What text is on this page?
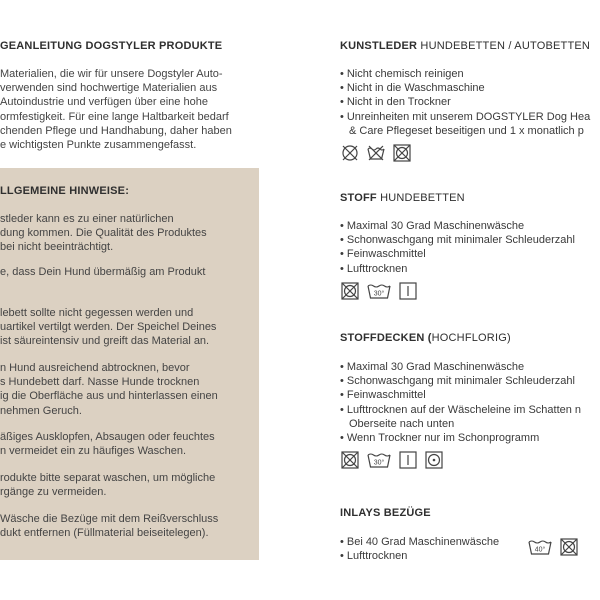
GEANLEITUNG DOGSTYLER PRODUKTE
Materialien, die wir für unsere Dogstyler Auto-
verwenden sind hochwertige Materialien aus
Autoindustrie und verfügen über eine hohe
ormfestigkeit. Für eine lange Haltbarkeit bedarf
chenden Pflege und Handhabung, daher haben
e wichtigsten Punkte zusammengefasst.
LLGEMEINE HINWEISE:
stleder kann es zu einer natürlichen
dung kommen. Die Qualität des Produktes
bei nicht beeinträchtigt.
e, dass Dein Hund übermäßig am Produkt
lebett sollte nicht gegessen werden und
uartikel vertilgt werden. Der Speichel Deines
ist säureintensiv und greift das Material an.
n Hund ausreichend abtrocknen, bevor
s Hundebett darf. Nasse Hunde trocknen
ig die Oberfläche aus und hinterlassen einen
nehmen Geruch.
äßiges Ausklopfen, Absaugen oder feuchtes
n vermeidet ein zu häufiges Waschen.
rodukte bitte separat waschen, um mögliche
rgänge zu vermeiden.
Wäsche die Bezüge mit dem Reißverschluss
dukt entfernen (Füllmaterial beiseitelegen).
KUNSTLEDER HUNDEBETTEN / AUTOBETTEN
• Nicht chemisch reinigen
• Nicht in die Waschmaschine
• Nicht in den Trockner
• Unreinheiten mit unserem DOGSTYLER Dog Hea
& Care Pflegeset beseitigen und 1 x monatlich p
STOFF HUNDEBETTEN
• Maximal 30 Grad Maschinenwäsche
• Schonwaschgang mit minimaler Schleuderzahl
• Feinwaschmittel
• Lufttrocknen
30°
STOFFDECKEN (HOCHFLORIG)
• Maximal 30 Grad Maschinenwäsche
• Schonwaschgang mit minimaler Schleuderzahl
• Feinwaschmittel
• Lufttrocknen auf der Wäscheleine im Schatten n
Oberseite nach unten
• Wenn Trockner nur im Schonprogramm
30°
INLAYS BEZÜGE
• Bei 40 Grad Maschinenwäsche
• Lufttrocknen
40°
